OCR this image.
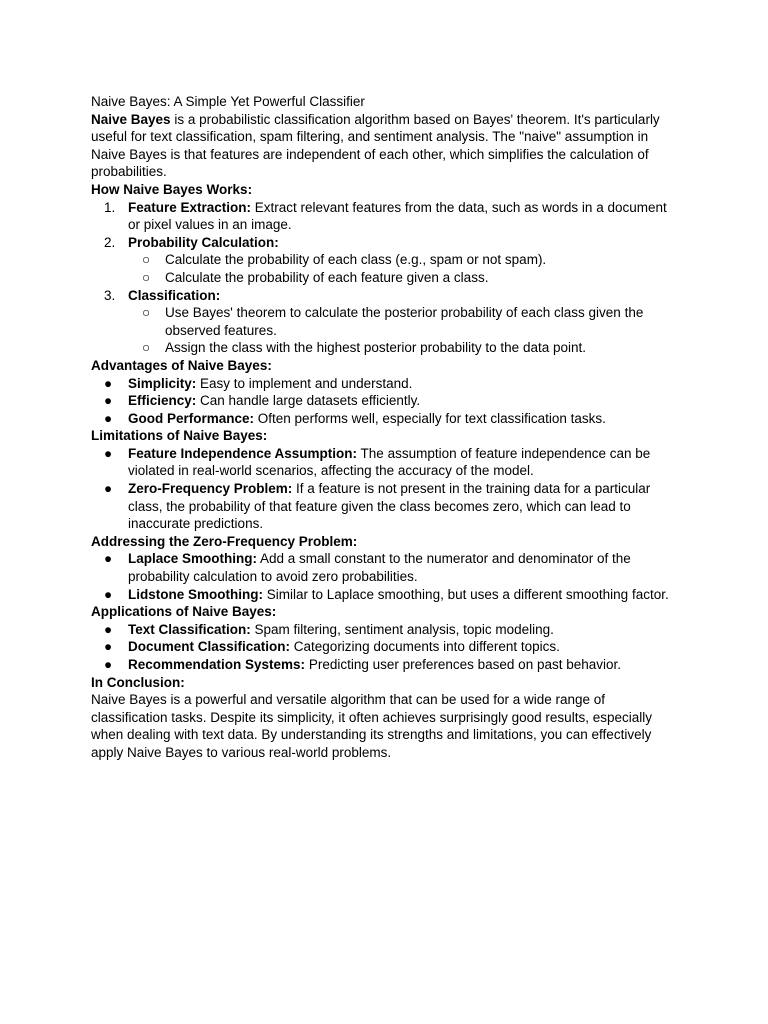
Naive Bayes: A Simple Yet Powerful Classifier

Naive Bayes is a probabilistic classification algorithm based on Bayes' theorem. It's particularly useful for text classification, spam filtering, and sentiment analysis. The "naive" assumption in Naive Bayes is that features are independent of each other, which simplifies the calculation of probabilities.

How Naive Bayes Works:

1. Feature Extraction: Extract relevant features from the data, such as words in a document or pixel values in an image.
2. Probability Calculation:
○ Calculate the probability of each class (e.g., spam or not spam).
○ Calculate the probability of each feature given a class.
3. Classification:
○ Use Bayes' theorem to calculate the posterior probability of each class given the observed features.
○ Assign the class with the highest posterior probability to the data point.

Advantages of Naive Bayes:

● Simplicity: Easy to implement and understand.
● Efficiency: Can handle large datasets efficiently.
● Good Performance: Often performs well, especially for text classification tasks.

Limitations of Naive Bayes:

● Feature Independence Assumption: The assumption of feature independence can be violated in real-world scenarios, affecting the accuracy of the model.
● Zero-Frequency Problem: If a feature is not present in the training data for a particular class, the probability of that feature given the class becomes zero, which can lead to inaccurate predictions.

Addressing the Zero-Frequency Problem:

● Laplace Smoothing: Add a small constant to the numerator and denominator of the probability calculation to avoid zero probabilities.
● Lidstone Smoothing: Similar to Laplace smoothing, but uses a different smoothing factor.

Applications of Naive Bayes:

● Text Classification: Spam filtering, sentiment analysis, topic modeling.
● Document Classification: Categorizing documents into different topics.
● Recommendation Systems: Predicting user preferences based on past behavior.

In Conclusion:

Naive Bayes is a powerful and versatile algorithm that can be used for a wide range of classification tasks. Despite its simplicity, it often achieves surprisingly good results, especially when dealing with text data. By understanding its strengths and limitations, you can effectively apply Naive Bayes to various real-world problems.
